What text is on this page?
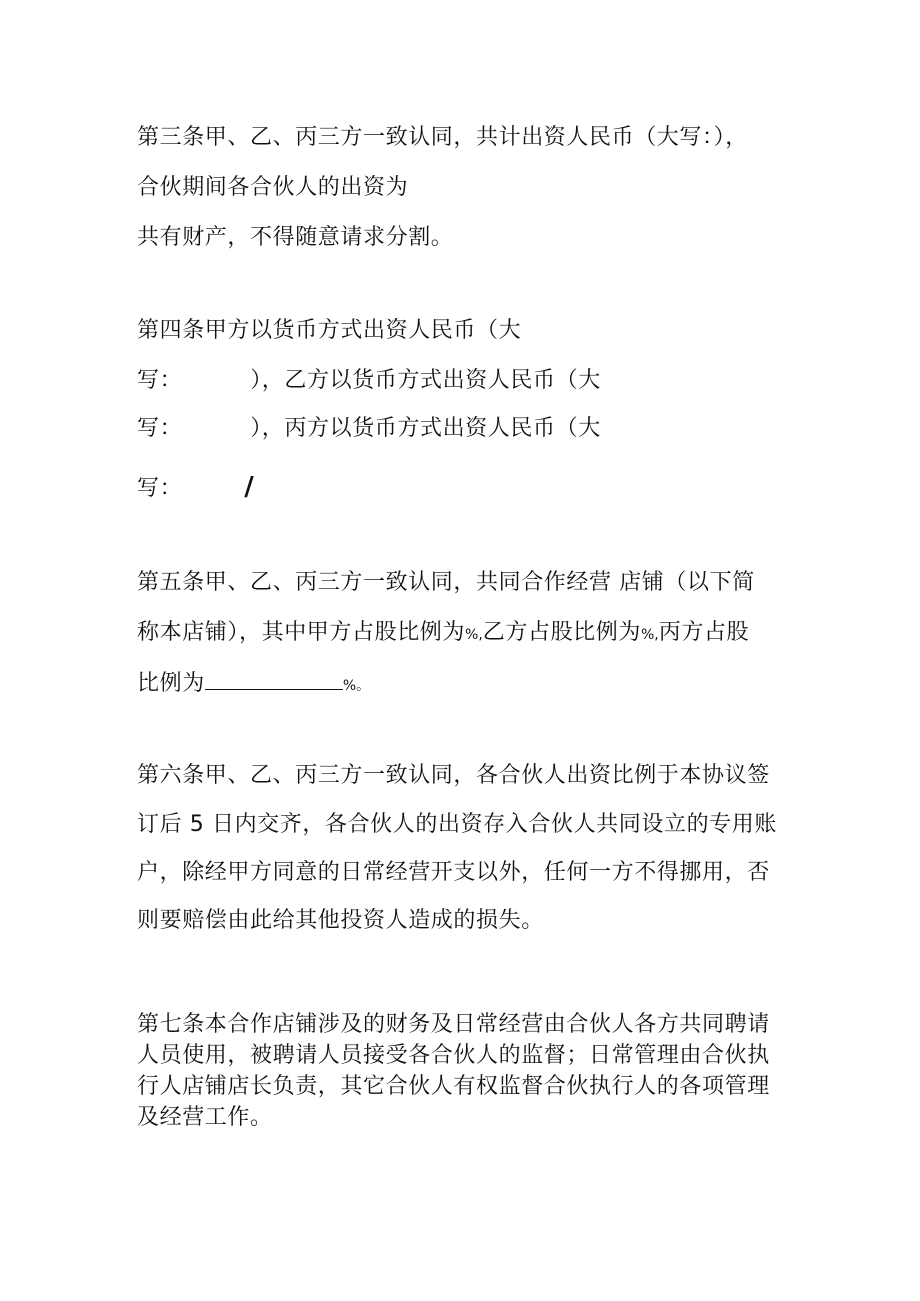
第三条甲、乙、丙三方一致认同，共计出资人民币（大写：），
合伙期间各合伙人的出资为
共有财产，不得随意请求分割。
第四条甲方以货币方式出资人民币（大
写：	），乙方以货币方式出资人民币（大
写：	），丙方以货币方式出资人民币（大
写： /
第五条甲、乙、丙三方一致认同，共同合作经营 店铺（以下简
称本店铺），其中甲方占股比例为%,乙方占股比例为%,丙方占股
比例为	%。
第六条甲、乙、丙三方一致认同，各合伙人出资比例于本协议签
订后 5 日内交齐，各合伙人的出资存入合伙人共同设立的专用账
户，除经甲方同意的日常经营开支以外，任何一方不得挪用，否
则要赔偿由此给其他投资人造成的损失。
第七条本合作店铺涉及的财务及日常经营由合伙人各方共同聘请
人员使用，被聘请人员接受各合伙人的监督；日常管理由合伙执
行人店铺店长负责，其它合伙人有权监督合伙执行人的各项管理
及经营工作。
